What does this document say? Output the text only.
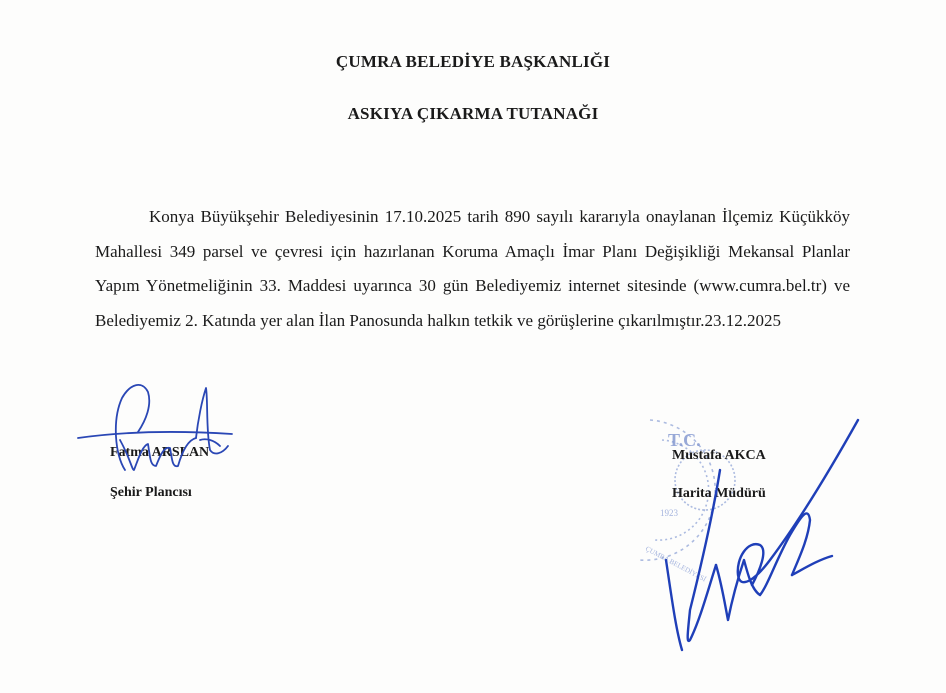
ÇUMRA BELEDİYE BAŞKANLIĞI
ASKIYA ÇIKARMA TUTANAĞI

Konya Büyükşehir Belediyesinin 17.10.2025 tarih 890 sayılı kararıyla onaylanan İlçemiz Küçükköy Mahallesi 349 parsel ve çevresi için hazırlanan Koruma Amaçlı İmar Planı Değişikliği Mekansal Planlar Yapım Yönetmeliğinin 33. Maddesi uyarınca 30 gün Belediyemiz internet sitesinde (www.cumra.bel.tr) ve Belediyemiz 2. Katında yer alan İlan Panosunda halkın tetkik ve görüşlerine çıkarılmıştır.23.12.2025

T.C.
1923
ÇUMRA BELEDİYESİ
Fatma ARSLAN
Şehir Plancısı
Mustafa AKCA
Harita Müdürü
